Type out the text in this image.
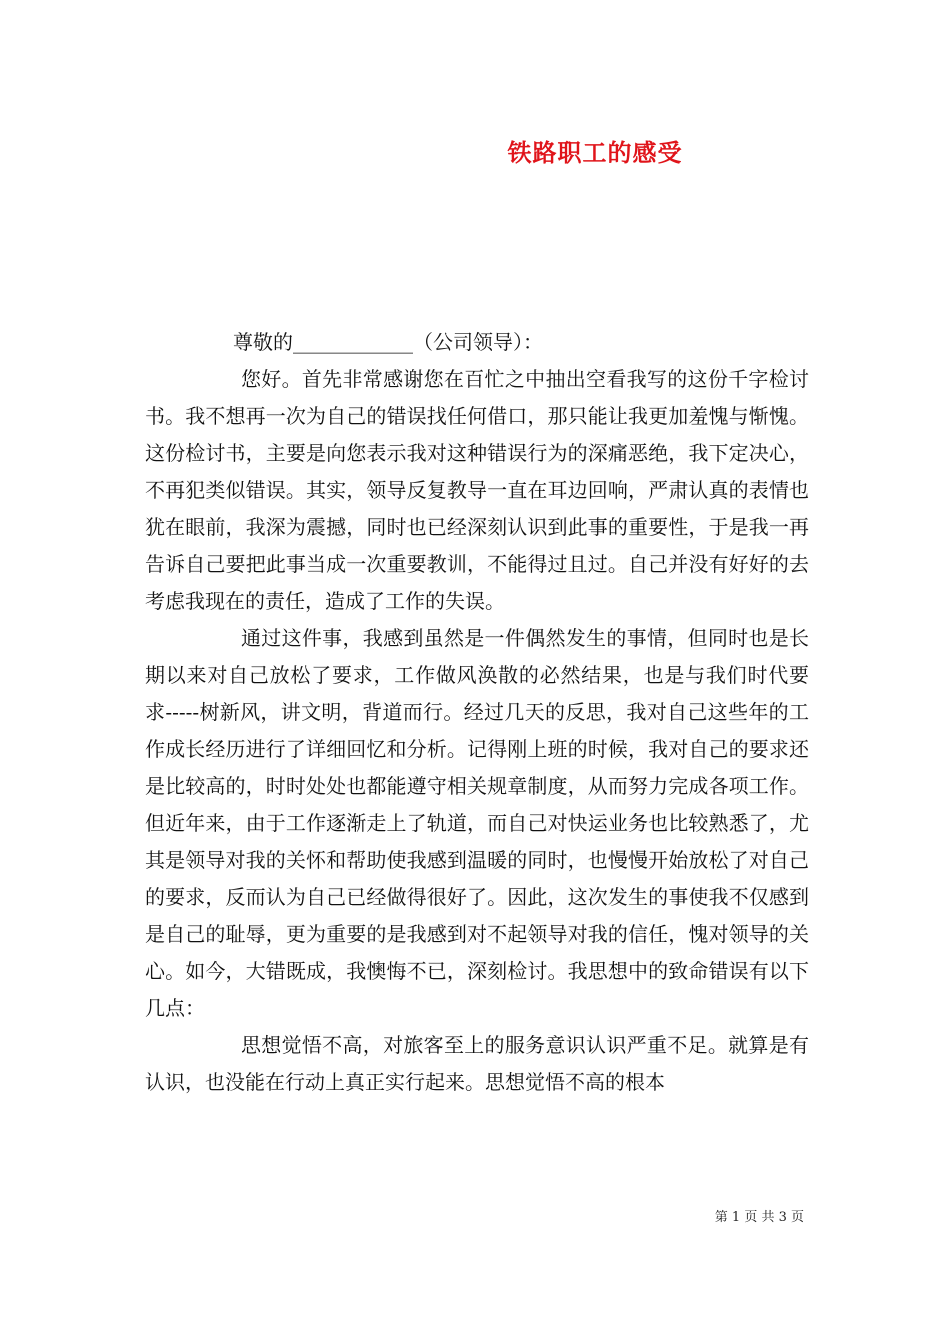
铁路职工的感受

尊敬的____________（公司领导）：

您好。首先非常感谢您在百忙之中抽出空看我写的这份千字检讨书。我不想再一次为自己的错误找任何借口，那只能让我更加羞愧与惭愧。这份检讨书，主要是向您表示我对这种错误行为的深痛恶绝，我下定决心，不再犯类似错误。其实，领导反复教导一直在耳边回响，严肃认真的表情也犹在眼前，我深为震撼，同时也已经深刻认识到此事的重要性，于是我一再告诉自己要把此事当成一次重要教训，不能得过且过。自己并没有好好的去考虑我现在的责任，造成了工作的失误。

通过这件事，我感到虽然是一件偶然发生的事情，但同时也是长期以来对自己放松了要求，工作做风涣散的必然结果，也是与我们时代要求-----树新风，讲文明，背道而行。经过几天的反思，我对自己这些年的工作成长经历进行了详细回忆和分析。记得刚上班的时候，我对自己的要求还是比较高的，时时处处也都能遵守相关规章制度，从而努力完成各项工作。但近年来，由于工作逐渐走上了轨道，而自己对快运业务也比较熟悉了，尤其是领导对我的关怀和帮助使我感到温暖的同时，也慢慢开始放松了对自己的要求，反而认为自己已经做得很好了。因此，这次发生的事使我不仅感到是自己的耻辱，更为重要的是我感到对不起领导对我的信任，愧对领导的关心。如今，大错既成，我懊悔不已，深刻检讨。我思想中的致命错误有以下几点：

思想觉悟不高，对旅客至上的服务意识认识严重不足。就算是有认识，也没能在行动上真正实行起来。思想觉悟不高的根本

第 1 页 共 3 页
